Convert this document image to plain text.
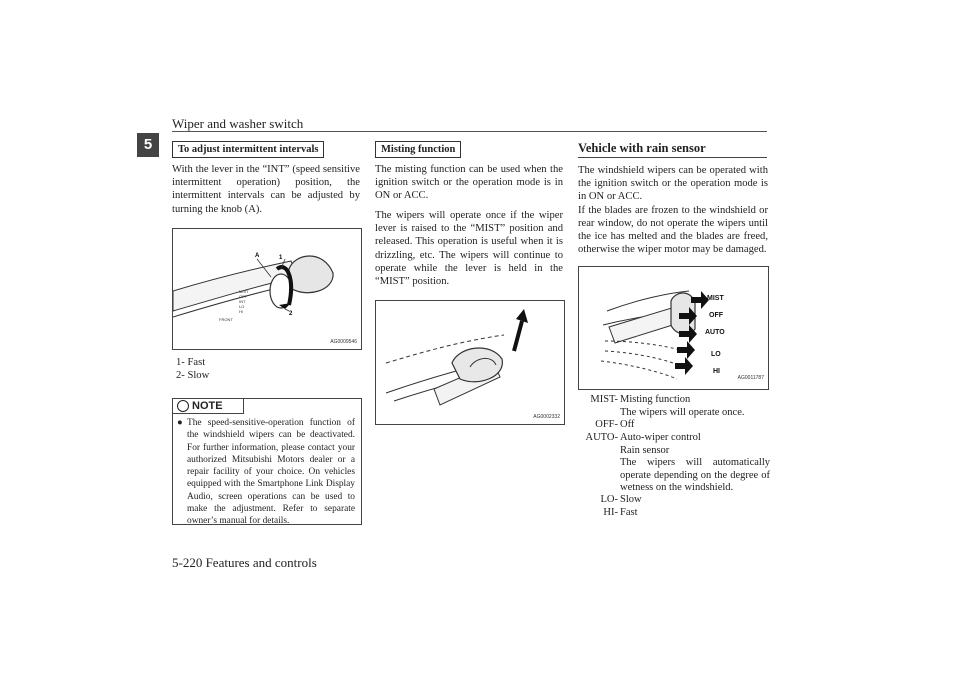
Wiper and washer switch
5	To adjust intermittent intervals
With the lever in the “INT” (speed sensitive intermittent operation) position, the intermittent intervals can be adjusted by turning the knob (A).
A	1
2
MIST
OFF
INT
LO
HI
FRONT
AG0009546
1- Fast
2- Slow
NOTE
● The speed-sensitive-operation function of the windshield wipers can be deactivated. For further information, please contact your authorized Mitsubishi Motors dealer or a repair facility of your choice. On vehicles equipped with the Smartphone Link Display Audio, screen operations can be used to make the adjustment. Refer to separate owner’s manual for details.
Misting function
The misting function can be used when the ignition switch or the operation mode is in ON or ACC.
The wipers will operate once if the wiper lever is raised to the “MIST” position and released. This operation is useful when it is drizzling, etc. The wipers will continue to operate while the lever is held in the “MIST” position.
AG0002332
Vehicle with rain sensor
The windshield wipers can be operated with the ignition switch or the operation mode is in ON or ACC.
If the blades are frozen to the windshield or rear window, do not operate the wipers until the ice has melted and the blades are freed, otherwise the wiper motor may be damaged.
MIST
OFF
AUTO
LO
HI
AG0011787
MIST- Misting function
The wipers will operate once.
OFF- Off
AUTO- Auto-wiper control
Rain sensor
The wipers will automatically operate depending on the degree of wetness on the windshield.
LO- Slow
HI- Fast
5-220 Features and controls
